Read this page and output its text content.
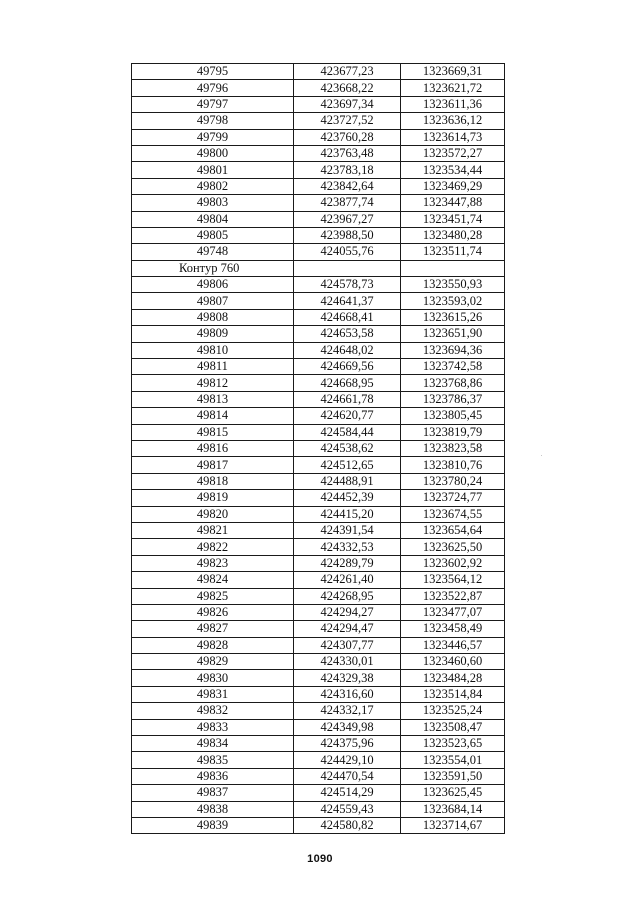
49795	423677,23	1323669,31
49796	423668,22	1323621,72
49797	423697,34	1323611,36
49798	423727,52	1323636,12
49799	423760,28	1323614,73
49800	423763,48	1323572,27
49801	423783,18	1323534,44
49802	423842,64	1323469,29
49803	423877,74	1323447,88
49804	423967,27	1323451,74
49805	423988,50	1323480,28
49748	424055,76	1323511,74
Контур 760		
49806	424578,73	1323550,93
49807	424641,37	1323593,02
49808	424668,41	1323615,26
49809	424653,58	1323651,90
49810	424648,02	1323694,36
49811	424669,56	1323742,58
49812	424668,95	1323768,86
49813	424661,78	1323786,37
49814	424620,77	1323805,45
49815	424584,44	1323819,79
49816	424538,62	1323823,58
49817	424512,65	1323810,76
49818	424488,91	1323780,24
49819	424452,39	1323724,77
49820	424415,20	1323674,55
49821	424391,54	1323654,64
49822	424332,53	1323625,50
49823	424289,79	1323602,92
49824	424261,40	1323564,12
49825	424268,95	1323522,87
49826	424294,27	1323477,07
49827	424294,47	1323458,49
49828	424307,77	1323446,57
49829	424330,01	1323460,60
49830	424329,38	1323484,28
49831	424316,60	1323514,84
49832	424332,17	1323525,24
49833	424349,98	1323508,47
49834	424375,96	1323523,65
49835	424429,10	1323554,01
49836	424470,54	1323591,50
49837	424514,29	1323625,45
49838	424559,43	1323684,14
49839	424580,82	1323714,67
1090
